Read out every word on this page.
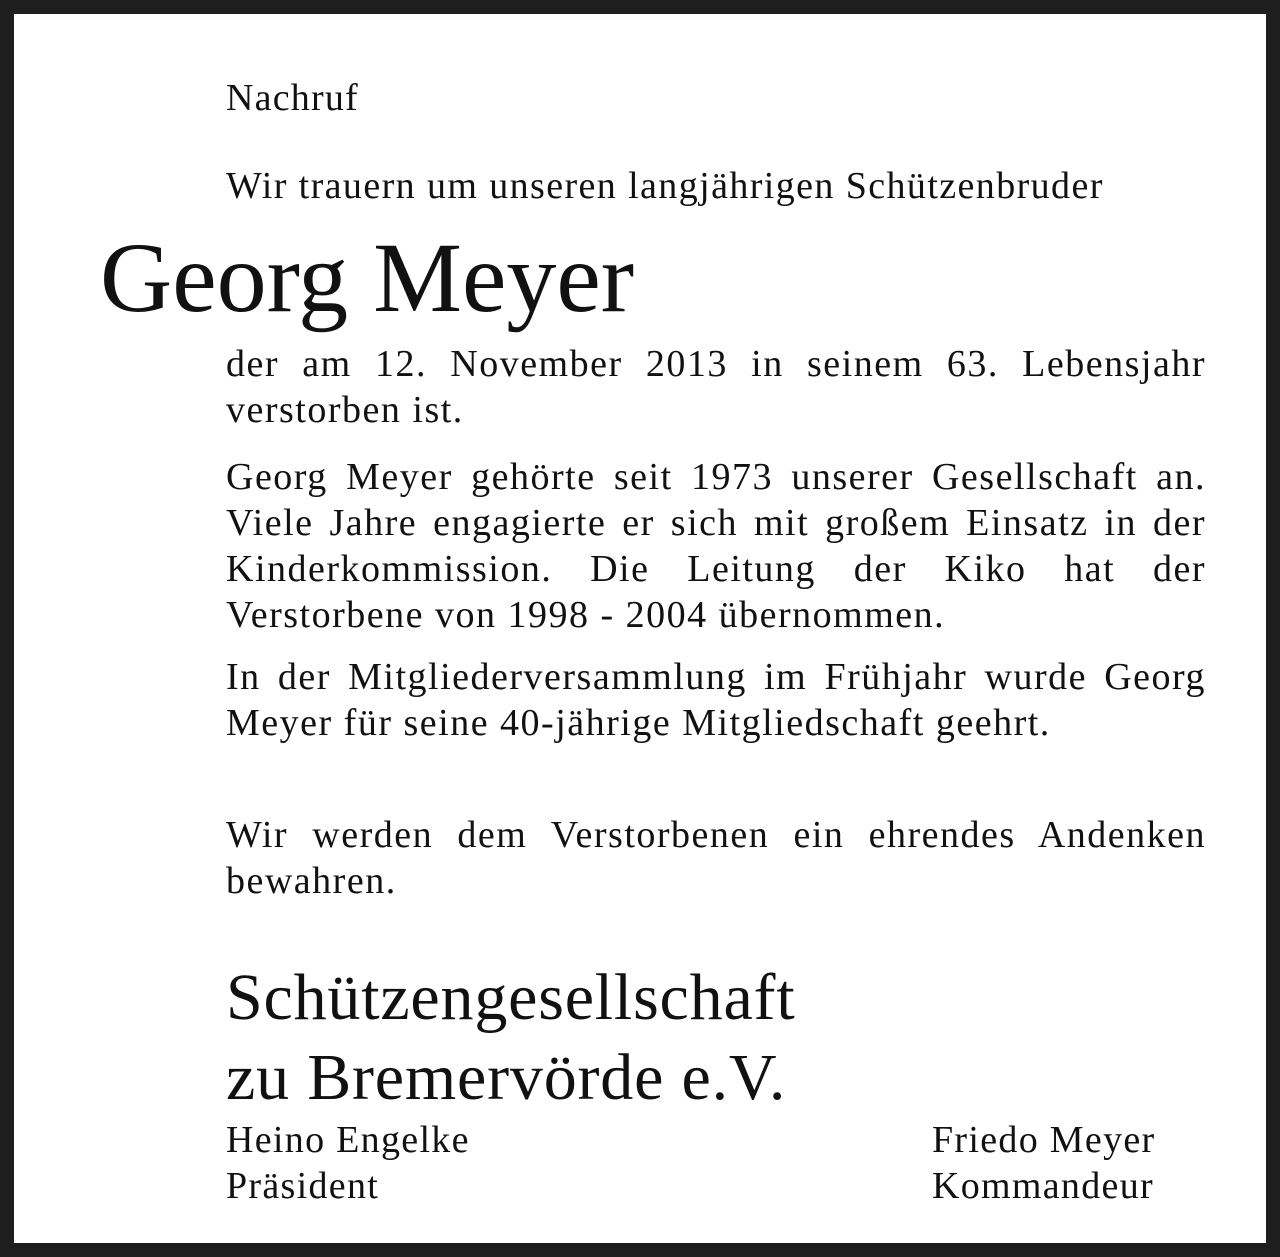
Nachruf
Wir trauern um unseren langjährigen Schützenbruder
Georg Meyer
der am 12. November 2013 in seinem 63. Lebensjahr verstorben ist.
Georg Meyer gehörte seit 1973 unserer Gesellschaft an. Viele Jahre engagierte er sich mit großem Einsatz in der Kinderkommission. Die Leitung der Kiko hat der Verstorbene von 1998 - 2004 übernommen.
In der Mitgliederversammlung im Frühjahr wurde Georg Meyer für seine 40-jährige Mitgliedschaft geehrt.
Wir werden dem Verstorbenen ein ehrendes Andenken bewahren.
Schützengesellschaft
zu Bremervörde e.V.
Heino Engelke
Präsident
Friedo Meyer
Kommandeur
